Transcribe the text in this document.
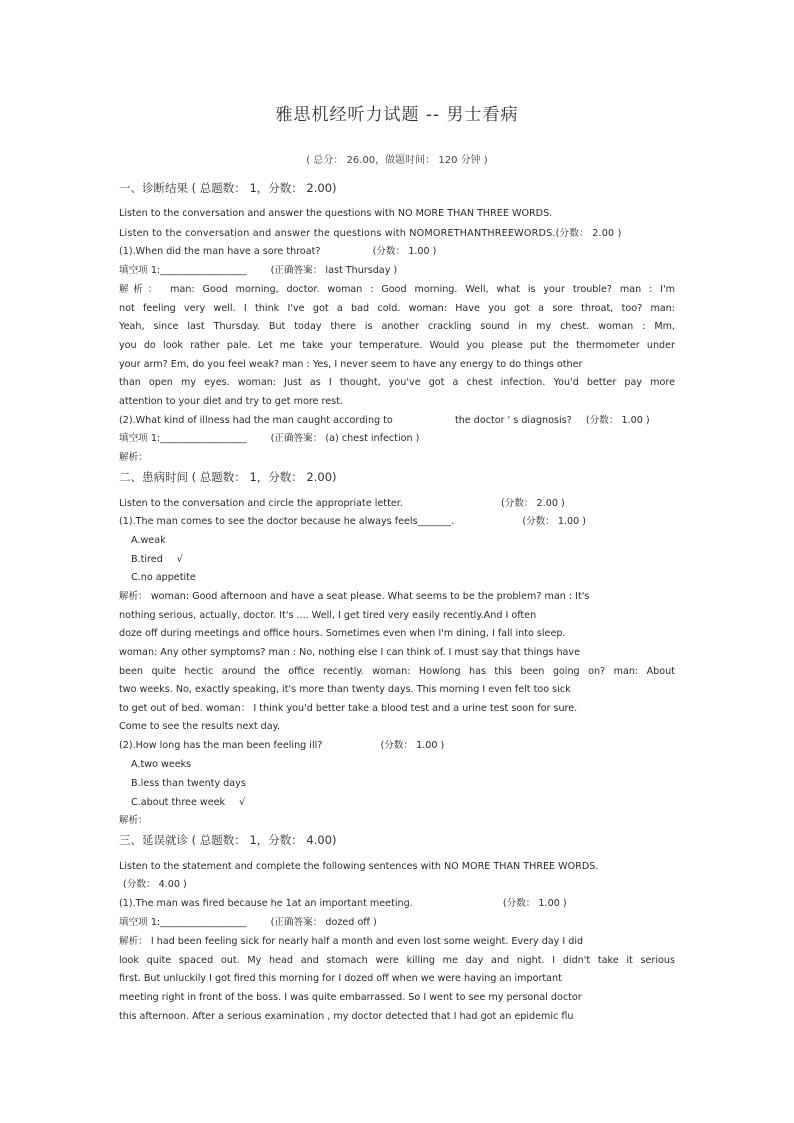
雅思机经听力试题 -- 男士看病
( 总分： 26.00，做题时间： 120 分钟 )
一、诊断结果 ( 总题数： 1，分数： 2.00)
Listen to the conversation and answer the questions with NO MORE THAN THREE WORDS.
Listen to the conversation and answer the questions with NOMORETHANTHREEWORDS.(分数： 2.00 )
(1).When did the man have a sore throat?	(分数： 1.00 )
填空项 1:__________________	(正确答案： last Thursday )
解析： man: Good morning, doctor. woman : Good morning. Well, what is your trouble? man : I'm
not feeling very well. I think I've got a bad cold. woman: Have you got a sore throat, too? man:
Yeah, since last Thursday. But today there is another crackling sound in my chest. woman : Mm,
you do look rather pale. Let me take your temperature. Would you please put the thermometer under
your arm? Em, do you feel weak? man : Yes, I never seem to have any energy to do things other
than open my eyes. woman: Just as I thought, you've got a chest infection. You'd better pay more
attention to your diet and try to get more rest.
(2).What kind of illness had the man caught according to	the doctor ' s diagnosis? (分数： 1.00 )
填空项 1:__________________	(正确答案： (a) chest infection )
解析：
二、患病时间 ( 总题数： 1，分数： 2.00)
Listen to the conversation and circle the appropriate letter.	(分数： 2.00 )
(1).The man comes to see the doctor because he always feels_______.	(分数： 1.00 )
A.weak
B.tired √
C.no appetite
解析： woman: Good afternoon and have a seat please. What seems to be the problem? man : It's
nothing serious, actually, doctor. It's .... Well, I get tired very easily recently.And I often
doze off during meetings and office hours. Sometimes even when I'm dining, I fall into sleep.
woman: Any other symptoms? man : No, nothing else I can think of. I must say that things have
been quite hectic around the office recently. woman: Howlong has this been going on? man: About
two weeks. No, exactly speaking, it's more than twenty days. This morning I even felt too sick
to get out of bed. woman： I think you'd better take a blood test and a urine test soon for sure.
Come to see the results next day.
(2).How long has the man been feeling ill?	(分数： 1.00 )
A.two weeks
B.less than twenty days
C.about three week √
解析：
三、延误就诊 ( 总题数： 1，分数： 4.00)
Listen to the statement and complete the following sentences with NO MORE THAN THREE WORDS.
(分数： 4.00 )
(1).The man was fired because he 1at an important meeting.	(分数： 1.00 )
填空项 1:__________________	(正确答案： dozed off )
解析： I had been feeling sick for nearly half a month and even lost some weight. Every day I did
look quite spaced out. My head and stomach were killing me day and night. I didn't take it serious
first. But unluckily I got fired this morning for I dozed off when we were having an important
meeting right in front of the boss. I was quite embarrassed. So I went to see my personal doctor
this afternoon. After a serious examination , my doctor detected that I had got an epidemic flu
